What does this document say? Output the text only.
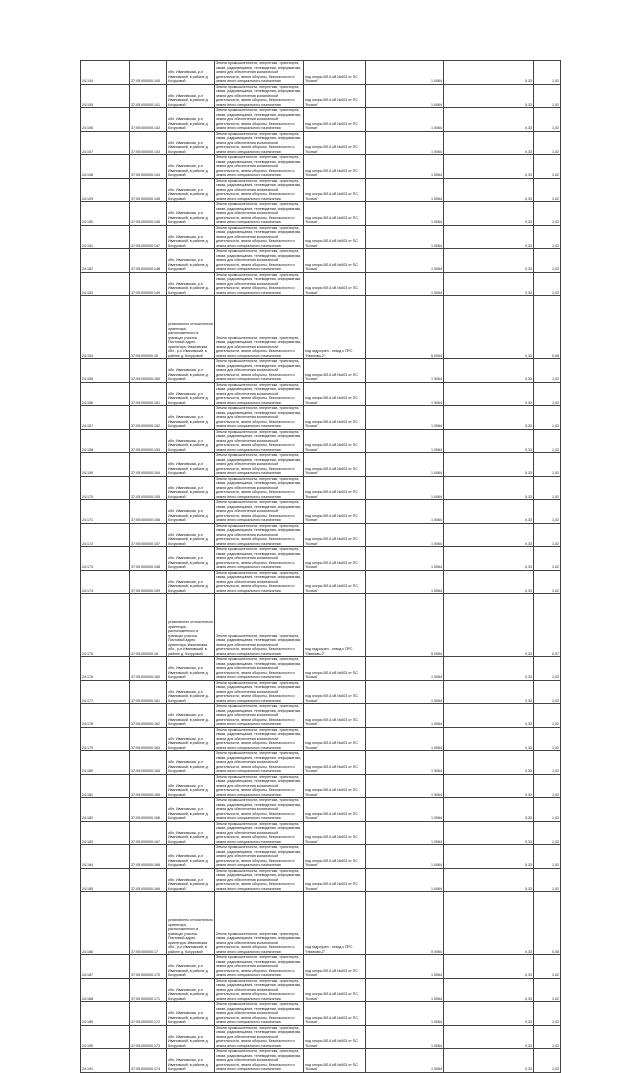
24:104	37:05:000000:140	обл. Ивановская, р-н Ивановский, в районе д. Кочуровой	Земли промышленности, энергетики, транспорта, связи, радиовещания, телевидения, информатики, земли для обеспечения космической деятельности, земли обороны, безопасности и земли иного специального назначения	под опоры ВЛ-6 кВ №603 от ПС "Кохма"	1 0064	0,33	1,02
24:105	37:05:000000:141	обл. Ивановская, р-н Ивановский, в районе д. Кочуровой	Земли промышленности, энергетики, транспорта, связи, радиовещания, телевидения, информатики, земли для обеспечения космической деятельности, земли обороны, безопасности и земли иного специального назначения	под опоры ВЛ-6 кВ №603 от ПС "Кохма"	1 0064	0,33	1,02
24:106	37:05:000000:142	обл. Ивановская, р-н Ивановский, в районе д. Кочуровой	Земли промышленности, энергетики, транспорта, связи, радиовещания, телевидения, информатики, земли для обеспечения космической деятельности, земли обороны, безопасности и земли иного специального назначения	под опоры ВЛ-6 кВ №603 от ПС "Кохма"	1 0064	0,33	1,02
24:107	37:05:000000:143	обл. Ивановская, р-н Ивановский, в районе д. Кочуровой	Земли промышленности, энергетики, транспорта, связи, радиовещания, телевидения, информатики, земли для обеспечения космической деятельности, земли обороны, безопасности и земли иного специального назначения	под опоры ВЛ-6 кВ №603 от ПС "Кохма"	1 0064	0,33	1,02
24:108	37:05:000000:144	обл. Ивановская, р-н Ивановский, в районе д. Кочуровой	Земли промышленности, энергетики, транспорта, связи, радиовещания, телевидения, информатики, земли для обеспечения космической деятельности, земли обороны, безопасности и земли иного специального назначения	под опоры ВЛ-6 кВ №603 от ПС "Кохма"	1 0064	0,33	1,02
24:109	37:05:000000:145	обл. Ивановская, р-н Ивановский, в районе д. Кочуровой	Земли промышленности, энергетики, транспорта, связи, радиовещания, телевидения, информатики, земли для обеспечения космической деятельности, земли обороны, безопасности и земли иного специального назначения	под опоры ВЛ-6 кВ №603 от ПС "Кохма"	1 0064	0,33	1,02
24:150	37:05:000000:146	обл. Ивановская, р-н Ивановский, в районе д. Кочуровой	Земли промышленности, энергетики, транспорта, связи, радиовещания, телевидения, информатики, земли для обеспечения космической деятельности, земли обороны, безопасности и земли иного специального назначения	под опоры ВЛ-6 кВ №603 от ПС "Кохма"	1 0064	0,33	1,02
24:151	37:05:000000:147	обл. Ивановская, р-н Ивановский, в районе д. Кочуровой	Земли промышленности, энергетики, транспорта, связи, радиовещания, телевидения, информатики, земли для обеспечения космической деятельности, земли обороны, безопасности и земли иного специального назначения	под опоры ВЛ-6 кВ №603 от ПС "Кохма"	1 0064	0,33	1,02
24:152	37:05:000000:148	обл. Ивановская, р-н Ивановский, в районе д. Кочуровой	Земли промышленности, энергетики, транспорта, связи, радиовещания, телевидения, информатики, земли для обеспечения космической деятельности, земли обороны, безопасности и земли иного специального назначения	под опоры ВЛ-6 кВ №603 от ПС "Кохма"	1 0064	0,33	1,02
24:153	37:05:000000:149	обл. Ивановская, р-н Ивановский, в районе д. Кочуровой	Земли промышленности, энергетики, транспорта, связи, радиовещания, телевидения, информатики, земли для обеспечения космической деятельности, земли обороны, безопасности и земли иного специального назначения	под опоры ВЛ-6 кВ №603 от ПС "Кохма"	1 0064	0,33	1,02
24:154	37:05:000000:15	установлено относительно ориентира, расположенного в границах участка. Почтовый адрес ориентира: Ивановская обл., р-н Ивановский, в районе д. Кочуровой	Земли промышленности, энергетики, транспорта, связи, радиовещания, телевидения, информатики, земли для обеспечения космической деятельности, земли обороны, безопасности и земли иного специального назначения	под гидроузел - отвод к ПРС "Иваново-2"	5 0064	0,33	0,08
24:155	37:05:000000:150	обл. Ивановская, р-н Ивановский, в районе д. Кочуровой	Земли промышленности, энергетики, транспорта, связи, радиовещания, телевидения, информатики, земли для обеспечения космической деятельности, земли обороны, безопасности и земли иного специального назначения	под опоры ВЛ-6 кВ №603 от ПС "Кохма"	1 0064	0,33	1,02
24:156	37:05:000000:151	обл. Ивановская, р-н Ивановский, в районе д. Кочуровой	Земли промышленности, энергетики, транспорта, связи, радиовещания, телевидения, информатики, земли для обеспечения космической деятельности, земли обороны, безопасности и земли иного специального назначения	под опоры ВЛ-6 кВ №603 от ПС "Кохма"	1 0064	0,33	1,02
24:157	37:05:000000:152	обл. Ивановская, р-н Ивановский, в районе д. Кочуровой	Земли промышленности, энергетики, транспорта, связи, радиовещания, телевидения, информатики, земли для обеспечения космической деятельности, земли обороны, безопасности и земли иного специального назначения	под опоры ВЛ-6 кВ №603 от ПС "Кохма"	1 0064	0,33	1,02
24:158	37:05:000000:153	обл. Ивановская, р-н Ивановский, в районе д. Кочуровой	Земли промышленности, энергетики, транспорта, связи, радиовещания, телевидения, информатики, земли для обеспечения космической деятельности, земли обороны, безопасности и земли иного специального назначения	под опоры ВЛ-6 кВ №603 от ПС "Кохма"	1 0064	0,33	1,02
24:159	37:05:000000:154	обл. Ивановская, р-н Ивановский, в районе д. Кочуровой	Земли промышленности, энергетики, транспорта, связи, радиовещания, телевидения, информатики, земли для обеспечения космической деятельности, земли обороны, безопасности и земли иного специального назначения	под опоры ВЛ-6 кВ №603 от ПС "Кохма"	1 0064	0,33	1,02
24:170	37:05:000000:155	обл. Ивановская, р-н Ивановский, в районе д. Кочуровой	Земли промышленности, энергетики, транспорта, связи, радиовещания, телевидения, информатики, земли для обеспечения космической деятельности, земли обороны, безопасности и земли иного специального назначения	под опоры ВЛ-6 кВ №603 от ПС "Кохма"	1 0064	0,33	1,02
24:171	37:05:000000:156	обл. Ивановская, р-н Ивановский, в районе д. Кочуровой	Земли промышленности, энергетики, транспорта, связи, радиовещания, телевидения, информатики, земли для обеспечения космической деятельности, земли обороны, безопасности и земли иного специального назначения	под опоры ВЛ-6 кВ №603 от ПС "Кохма"	1 0064	0,33	1,02
24:172	37:05:000000:157	обл. Ивановская, р-н Ивановский, в районе д. Кочуровой	Земли промышленности, энергетики, транспорта, связи, радиовещания, телевидения, информатики, земли для обеспечения космической деятельности, земли обороны, безопасности и земли иного специального назначения	под опоры ВЛ-6 кВ №603 от ПС "Кохма"	1 0064	0,33	1,02
24:173	37:05:000000:158	обл. Ивановская, р-н Ивановский, в районе д. Кочуровой	Земли промышленности, энергетики, транспорта, связи, радиовещания, телевидения, информатики, земли для обеспечения космической деятельности, земли обороны, безопасности и земли иного специального назначения	под опоры ВЛ-6 кВ №603 от ПС "Кохма"	1 0064	0,33	1,02
24:174	37:05:000000:159	обл. Ивановская, р-н Ивановский, в районе д. Кочуровой	Земли промышленности, энергетики, транспорта, связи, радиовещания, телевидения, информатики, земли для обеспечения космической деятельности, земли обороны, безопасности и земли иного специального назначения	под опоры ВЛ-6 кВ №603 от ПС "Кохма"	1 0064	0,33	1,02
24:175	37:05:000000:16	установлено относительно ориентира, расположенного в границах участка. Почтовый адрес ориентира: Ивановская обл., р-н Ивановский, в районе д. Кочуровой	Земли промышленности, энергетики, транспорта, связи, радиовещания, телевидения, информатики, земли для обеспечения космической деятельности, земли обороны, безопасности и земли иного специального назначения	под гидроузел - отвод к ПРС "Иваново-2"	5 0064	0,33	0,07
24:176	37:05:000000:160	обл. Ивановская, р-н Ивановский, в районе д. Кочуровой	Земли промышленности, энергетики, транспорта, связи, радиовещания, телевидения, информатики, земли для обеспечения космической деятельности, земли обороны, безопасности и земли иного специального назначения	под опоры ВЛ-6 кВ №603 от ПС "Кохма"	1 0064	0,33	1,02
24:177	37:05:000000:161	обл. Ивановская, р-н Ивановский, в районе д. Кочуровой	Земли промышленности, энергетики, транспорта, связи, радиовещания, телевидения, информатики, земли для обеспечения космической деятельности, земли обороны, безопасности и земли иного специального назначения	под опоры ВЛ-6 кВ №603 от ПС "Кохма"	1 0064	0,33	1,02
24:178	37:05:000000:162	обл. Ивановская, р-н Ивановский, в районе д. Кочуровой	Земли промышленности, энергетики, транспорта, связи, радиовещания, телевидения, информатики, земли для обеспечения космической деятельности, земли обороны, безопасности и земли иного специального назначения	под опоры ВЛ-6 кВ №603 от ПС "Кохма"	1 0064	0,33	1,02
24:179	37:05:000000:163	обл. Ивановская, р-н Ивановский, в районе д. Кочуровой	Земли промышленности, энергетики, транспорта, связи, радиовещания, телевидения, информатики, земли для обеспечения космической деятельности, земли обороны, безопасности и земли иного специального назначения	под опоры ВЛ-6 кВ №603 от ПС "Кохма"	1 0064	0,33	1,02
24:180	37:05:000000:164	обл. Ивановская, р-н Ивановский, в районе д. Кочуровой	Земли промышленности, энергетики, транспорта, связи, радиовещания, телевидения, информатики, земли для обеспечения космической деятельности, земли обороны, безопасности и земли иного специального назначения	под опоры ВЛ-6 кВ №603 от ПС "Кохма"	1 0064	0,33	1,02
24:181	37:05:000000:165	обл. Ивановская, р-н Ивановский, в районе д. Кочуровой	Земли промышленности, энергетики, транспорта, связи, радиовещания, телевидения, информатики, земли для обеспечения космической деятельности, земли обороны, безопасности и земли иного специального назначения	под опоры ВЛ-6 кВ №603 от ПС "Кохма"	1 0064	0,33	1,02
24:182	37:05:000000:166	обл. Ивановская, р-н Ивановский, в районе д. Кочуровой	Земли промышленности, энергетики, транспорта, связи, радиовещания, телевидения, информатики, земли для обеспечения космической деятельности, земли обороны, безопасности и земли иного специального назначения	под опоры ВЛ-6 кВ №603 от ПС "Кохма"	1 0064	0,33	1,02
24:183	37:05:000000:167	обл. Ивановская, р-н Ивановский, в районе д. Кочуровой	Земли промышленности, энергетики, транспорта, связи, радиовещания, телевидения, информатики, земли для обеспечения космической деятельности, земли обороны, безопасности и земли иного специального назначения	под опоры ВЛ-6 кВ №603 от ПС "Кохма"	1 0064	0,33	1,02
24:184	37:05:000000:168	обл. Ивановская, р-н Ивановский, в районе д. Кочуровой	Земли промышленности, энергетики, транспорта, связи, радиовещания, телевидения, информатики, земли для обеспечения космической деятельности, земли обороны, безопасности и земли иного специального назначения	под опоры ВЛ-6 кВ №603 от ПС "Кохма"	1 0064	0,33	1,02
24:185	37:05:000000:169	обл. Ивановская, р-н Ивановский, в районе д. Кочуровой	Земли промышленности, энергетики, транспорта, связи, радиовещания, телевидения, информатики, земли для обеспечения космической деятельности, земли обороны, безопасности и земли иного специального назначения	под опоры ВЛ-6 кВ №603 от ПС "Кохма"	1 0064	0,33	1,02
24:186	37:05:000000:17	установлено относительно ориентира, расположенного в границах участка. Почтовый адрес ориентира: Ивановская обл., р-н Ивановский, в районе д. Кочуровой	Земли промышленности, энергетики, транспорта, связи, радиовещания, телевидения, информатики, земли для обеспечения космической деятельности, земли обороны, безопасности и земли иного специального назначения	под гидроузел - отвод к ПРС "Иваново-2"	5 0064	0,33	0,08
24:187	37:05:000000:170	обл. Ивановская, р-н Ивановский, в районе д. Кочуровой	Земли промышленности, энергетики, транспорта, связи, радиовещания, телевидения, информатики, земли для обеспечения космической деятельности, земли обороны, безопасности и земли иного специального назначения	под опоры ВЛ-6 кВ №603 от ПС "Кохма"	1 0064	0,33	1,02
24:188	37:05:000000:171	обл. Ивановская, р-н Ивановский, в районе д. Кочуровой	Земли промышленности, энергетики, транспорта, связи, радиовещания, телевидения, информатики, земли для обеспечения космической деятельности, земли обороны, безопасности и земли иного специального назначения	под опоры ВЛ-6 кВ №603 от ПС "Кохма"	1 0064	0,33	1,02
24:189	37:05:000000:172	обл. Ивановская, р-н Ивановский, в районе д. Кочуровой	Земли промышленности, энергетики, транспорта, связи, радиовещания, телевидения, информатики, земли для обеспечения космической деятельности, земли обороны, безопасности и земли иного специального назначения	под опоры ВЛ-6 кВ №603 от ПС "Кохма"	1 0064	0,33	1,02
24:190	37:05:000000:173	обл. Ивановская, р-н Ивановский, в районе д. Кочуровой	Земли промышленности, энергетики, транспорта, связи, радиовещания, телевидения, информатики, земли для обеспечения космической деятельности, земли обороны, безопасности и земли иного специального назначения	под опоры ВЛ-6 кВ №603 от ПС "Кохма"	1 0064	0,33	1,02
24:191	37:05:000000:174	обл. Ивановская, р-н Ивановский, в районе д. Кочуровой	Земли промышленности, энергетики, транспорта, связи, радиовещания, телевидения, информатики, земли для обеспечения космической деятельности, земли обороны, безопасности и земли иного специального назначения	под опоры ВЛ-6 кВ №603 от ПС "Кохма"	1 0064	0,33	1,02
